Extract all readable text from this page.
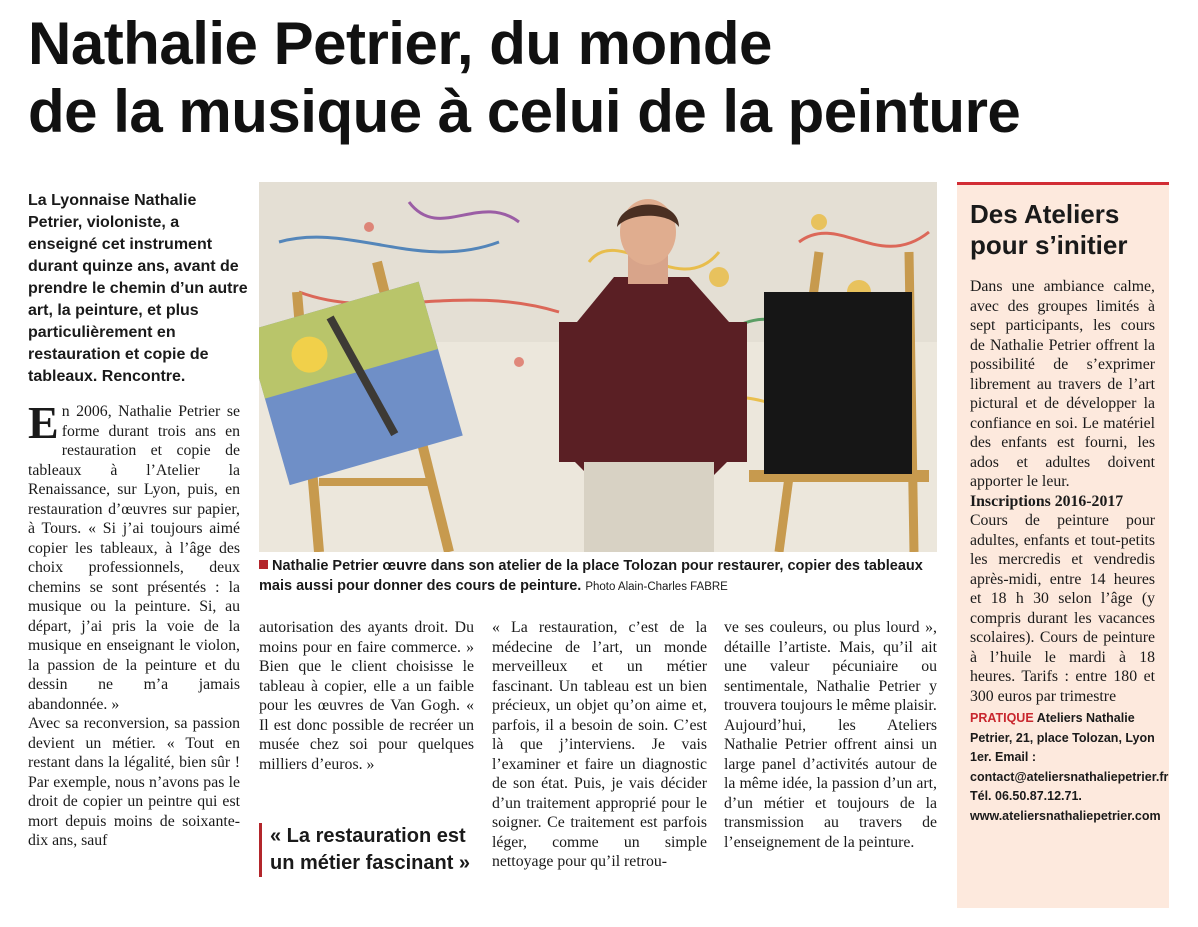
Nathalie Petrier, du monde
de la musique à celui de la peinture
La Lyonnaise Nathalie Petrier, violoniste, a enseigné cet instrument durant quinze ans, avant de prendre le chemin d’un autre art, la peinture, et plus particulièrement en restauration et copie de tableaux. Rencontre.

En 2006, Nathalie Petrier se forme durant trois ans en restauration et copie de tableaux à l’Atelier la Renaissance, sur Lyon, puis, en restauration d’œuvres sur papier, à Tours. « Si j’ai toujours aimé copier les tableaux, à l’âge des choix professionnels, deux chemins se sont présentés : la musique ou la peinture. Si, au départ, j’ai pris la voie de la musique en enseignant le violon, la passion de la peinture et du dessin ne m’a jamais abandonnée. »

Avec sa reconversion, sa passion devient un métier. « Tout en restant dans la légalité, bien sûr ! Par exemple, nous n’avons pas le droit de copier un peintre qui est mort depuis moins de soixante-dix ans, sauf

Nathalie Petrier œuvre dans son atelier de la place Tolozan pour restaurer, copier des tableaux mais aussi pour donner des cours de peinture. Photo Alain-Charles FABRE

autorisation des ayants droit. Du moins pour en faire commerce. » Bien que le client choisisse le tableau à copier, elle a un faible pour les œuvres de Van Gogh. « Il est donc possible de recréer un musée chez soi pour quelques milliers d’euros. »

« La restauration est un métier fascinant »

« La restauration, c’est de la médecine de l’art, un monde merveilleux et un métier fascinant. Un tableau est un bien précieux, un objet qu’on aime et, parfois, il a besoin de soin. C’est là que j’interviens. Je vais l’examiner et faire un diagnostic de son état. Puis, je vais décider d’un traitement approprié pour le soigner. Ce traitement est parfois léger, comme un simple nettoyage pour qu’il retrou-

ve ses couleurs, ou plus lourd », détaille l’artiste. Mais, qu’il ait une valeur pécuniaire ou sentimentale, Nathalie Petrier y trouvera toujours le même plaisir.

Aujourd’hui, les Ateliers Nathalie Petrier offrent ainsi un large panel d’activités autour de la même idée, la passion d’un art, d’un métier et toujours de la transmission au travers de l’enseignement de la peinture.

Des Ateliers pour s’initier

Dans une ambiance calme, avec des groupes limités à sept participants, les cours de Nathalie Petrier offrent la possibilité de s’exprimer librement au travers de l’art pictural et de développer la confiance en soi. Le matériel des enfants est fourni, les ados et adultes doivent apporter le leur.

Inscriptions 2016-2017

Cours de peinture pour adultes, enfants et tout-petits les mercredis et vendredis après-midi, entre 14 heures et 18 h 30 selon l’âge (y compris durant les vacances scolaires). Cours de peinture à l’huile le mardi à 18 heures. Tarifs : entre 180 et 300 euros par trimestre

PRATIQUE Ateliers Nathalie Petrier, 21, place Tolozan, Lyon 1er. Email : contact@ateliersnathaliepetrier.fr Tél. 06.50.87.12.71. www.ateliersnathaliepetrier.com
